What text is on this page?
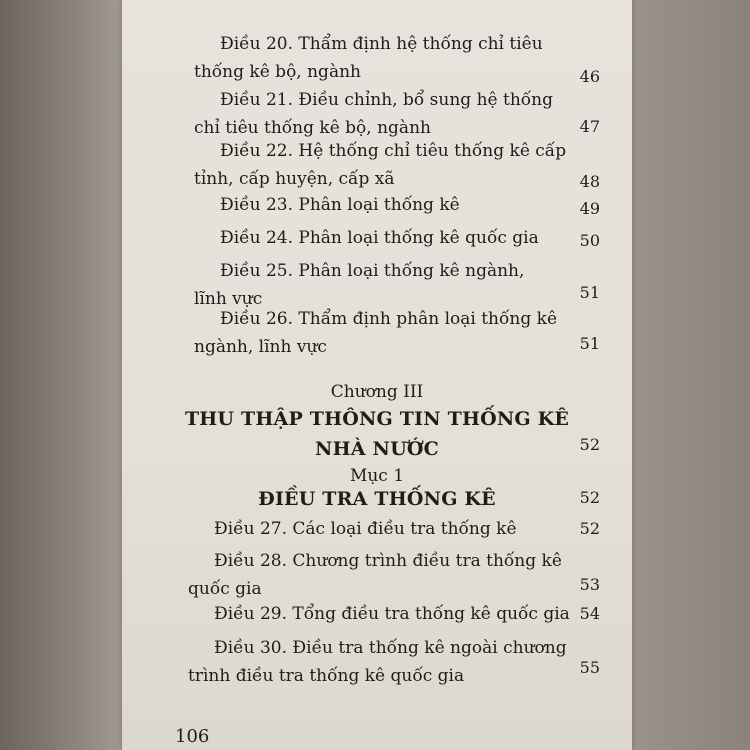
Điều 20. Thẩm định hệ thống chỉ tiêu
thống kê bộ, ngành	46
Điều 21. Điều chỉnh, bổ sung hệ thống
chỉ tiêu thống kê bộ, ngành	47
Điều 22. Hệ thống chỉ tiêu thống kê cấp
tỉnh, cấp huyện, cấp xã	48
Điều 23. Phân loại thống kê	49
Điều 24. Phân loại thống kê quốc gia	50
Điều 25. Phân loại thống kê ngành,
lĩnh vực	51
Điều 26. Thẩm định phân loại thống kê
ngành, lĩnh vực	51
Chương III
THU THẬP THÔNG TIN THỐNG KÊ
NHÀ NƯỚC	52
Mục 1
ĐIỀU TRA THỐNG KÊ	52
Điều 27. Các loại điều tra thống kê	52
Điều 28. Chương trình điều tra thống kê
quốc gia	53
Điều 29. Tổng điều tra thống kê quốc gia 54
Điều 30. Điều tra thống kê ngoài chương
trình điều tra thống kê quốc gia	55
106
